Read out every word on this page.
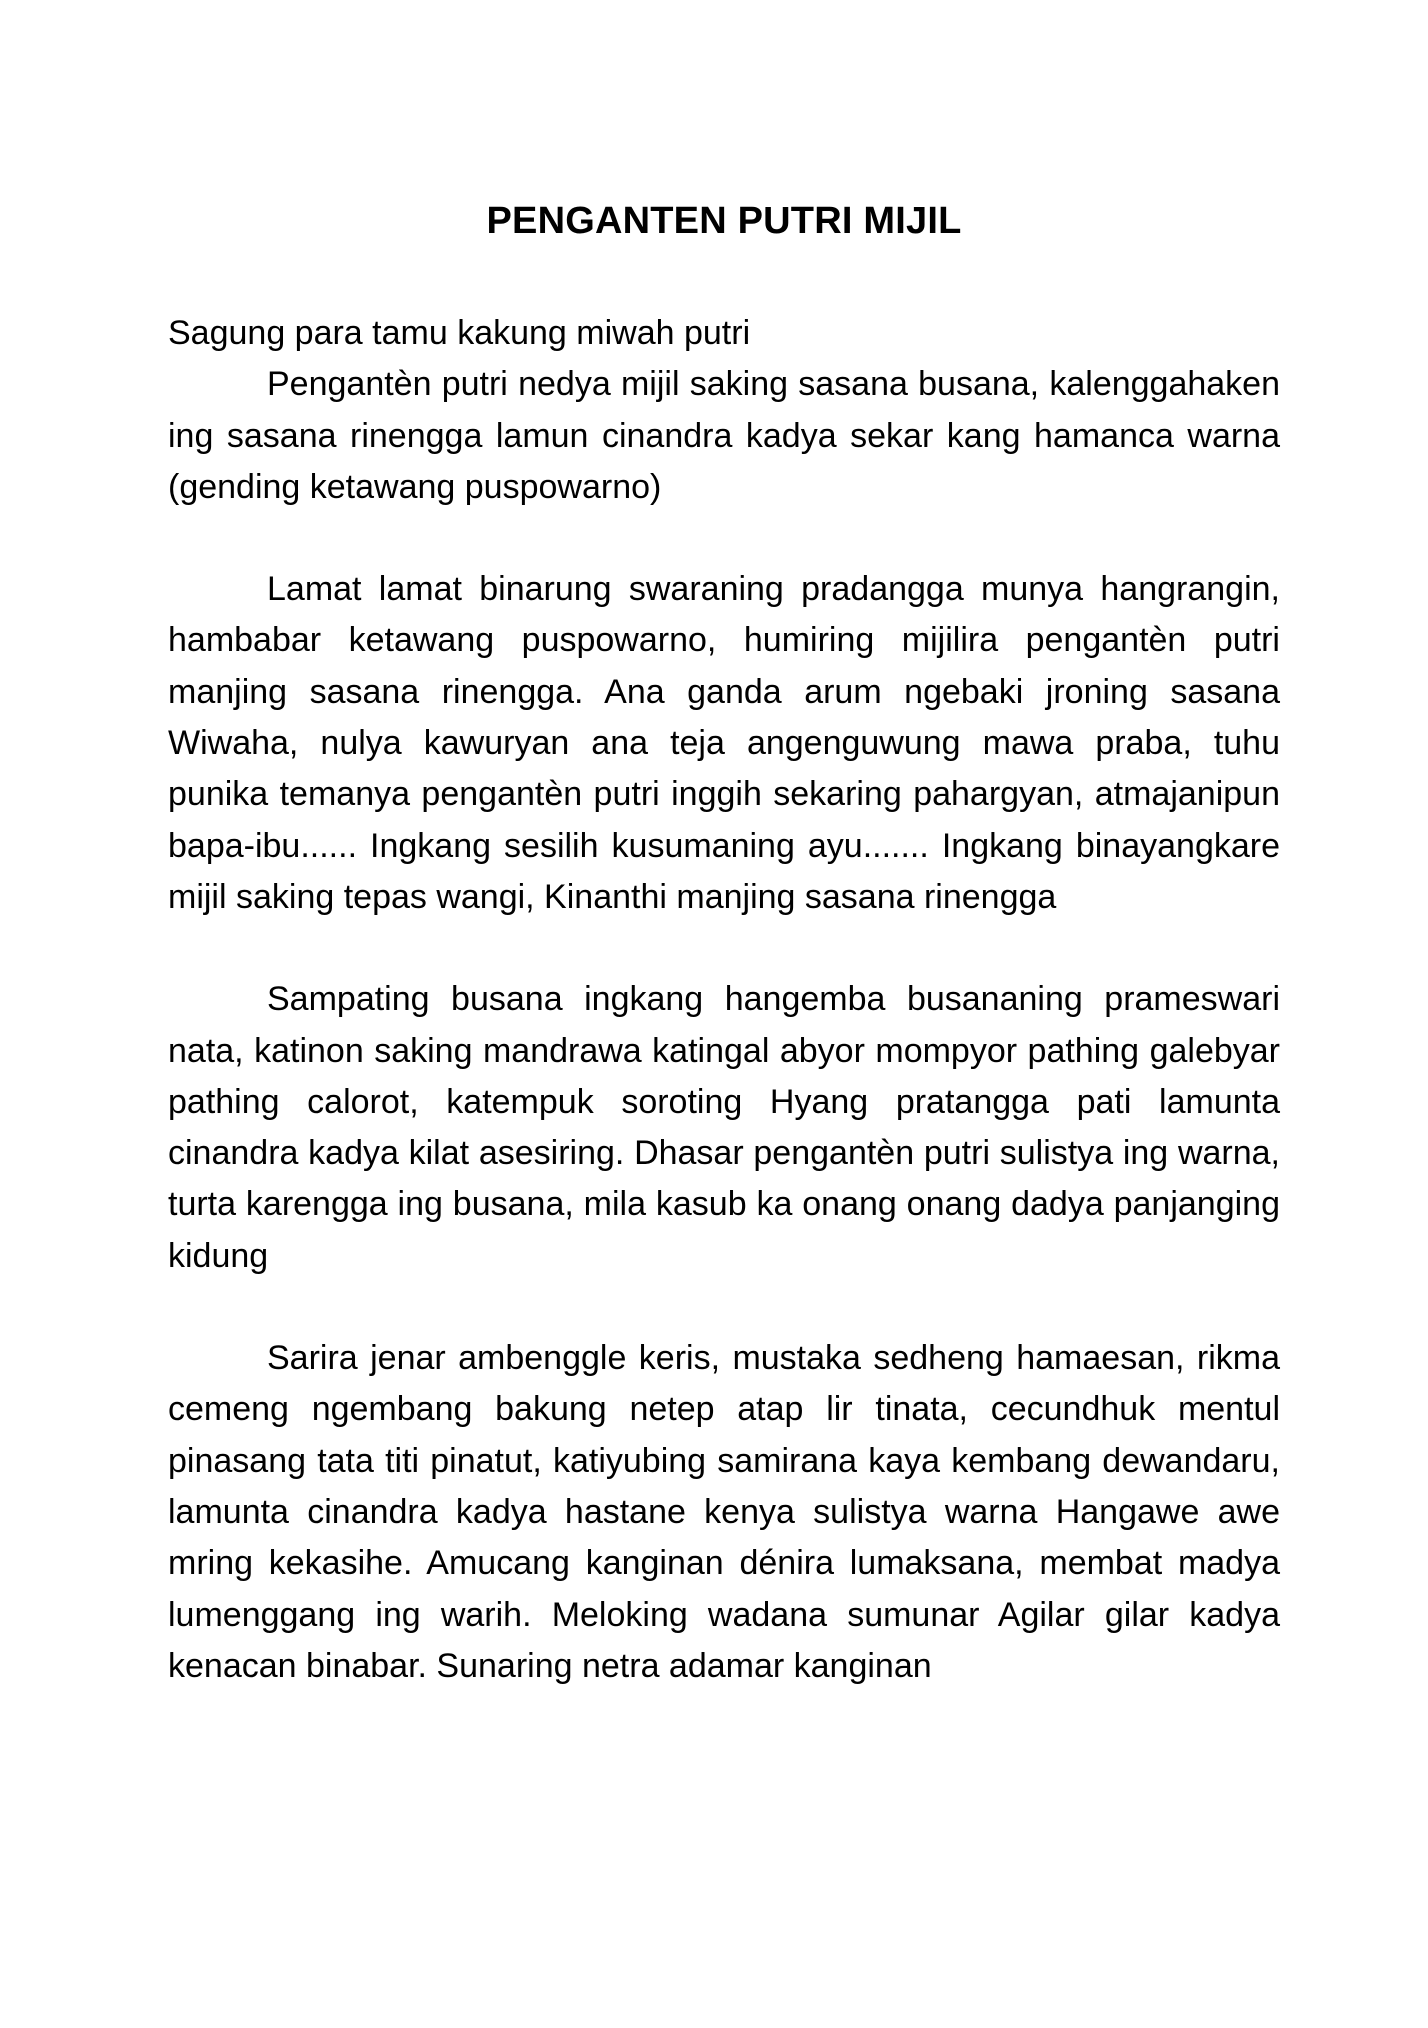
PENGANTEN PUTRI MIJIL

Sagung para tamu kakung miwah putri

Pengantèn putri nedya mijil saking sasana busana, kalenggahaken ing sasana rinengga lamun cinandra kadya sekar kang hamanca warna (gending ketawang puspowarno)

Lamat lamat binarung swaraning pradangga munya hangrangin, hambabar ketawang puspowarno, humiring mijilira pengantèn putri manjing sasana rinengga. Ana ganda arum ngebaki jroning sasana Wiwaha, nulya kawuryan ana teja angenguwung mawa praba, tuhu punika temanya pengantèn putri inggih sekaring pahargyan, atmajanipun bapa-ibu...... Ingkang sesilih kusumaning ayu....... Ingkang binayangkare mijil saking tepas wangi, Kinanthi manjing sasana rinengga

Sampating busana ingkang hangemba busananing prameswari nata, katinon saking mandrawa katingal abyor mompyor pathing galebyar pathing calorot, katempuk soroting Hyang pratangga pati lamunta cinandra kadya kilat asesiring. Dhasar pengantèn putri sulistya ing warna, turta karengga ing busana, mila kasub ka onang onang dadya panjanging kidung

Sarira jenar ambenggle keris, mustaka sedheng hamaesan, rikma cemeng ngembang bakung netep atap lir tinata, cecundhuk mentul pinasang tata titi pinatut, katiyubing samirana kaya kembang dewandaru, lamunta cinandra kadya hastane kenya sulistya warna Hangawe awe mring kekasihe. Amucang kanginan dénira lumaksana, membat madya lumenggang ing warih. Meloking wadana sumunar Agilar gilar kadya kenacan binabar. Sunaring netra adamar kanginan
